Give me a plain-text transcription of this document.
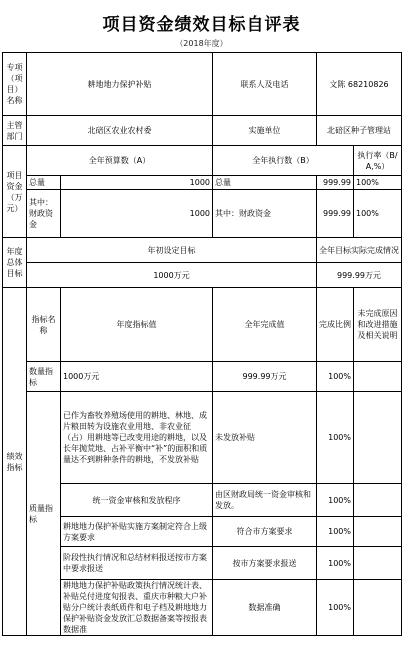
项目资金绩效目标自评表
（2018年度）
专项（项目）名称	耕地地力保护补贴		联系人及电话	文陈 68210826	
主管部门	北碚区农业农村委		实施单位	北碚区种子管理站	
项目资金（万元）	全年预算数（A）		全年执行数（B）		执行率（B/A,%）
	总量	1000	总量	999.99	100%
	其中：财政资金	1000	其中：财政资金	999.99	100%
年度总体目标	年初设定目标			全年目标实际完成情况	
	1000万元			999.99万元	
绩效指标	指标名称	年度指标值	全年完成值	完成比例	未完成原因和改进措施及相关说明
	数量指标	1000万元	999.99万元	100%	
	质量指标	已作为畜牧养殖场使用的耕地、林地、成片粮田转为设施农业用地、非农业征（占）用耕地等已改变用途的耕地，以及长年抛荒地、占补平衡中“补”的面积和质量达不到耕种条件的耕地，不发放补贴	未发放补贴	100%	
		统一资金审核和发放程序	由区财政局统一资金审核和发放。	100%	
		耕地地力保护补贴实施方案制定符合上级方案要求	符合市方案要求	100%	
		阶段性执行情况和总结材料报送按市方案中要求报送	按市方案要求报送	100%	
		耕地地力保护补贴政策执行情况统计表、补贴兑付进度旬报表、重庆市种粮大户补贴分户统计表纸质件和电子档及耕地地力保护补贴资金发放汇总数据备案等按报表数据准	数据准确	100%	
